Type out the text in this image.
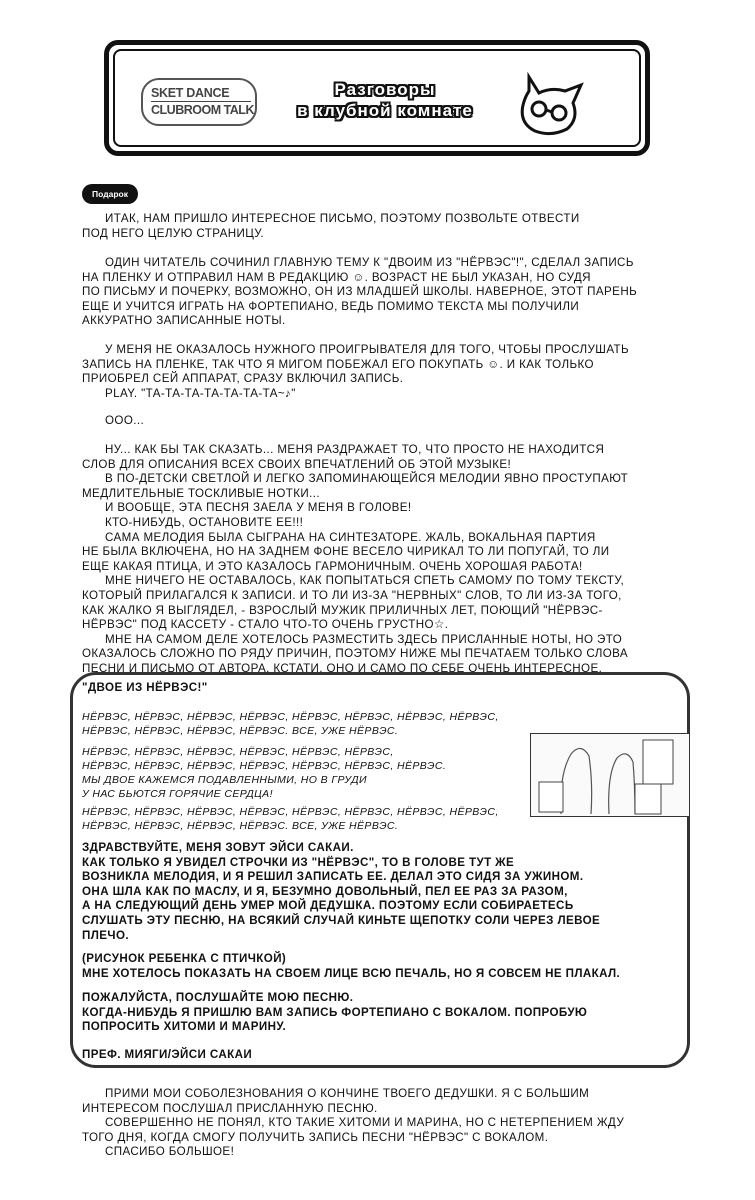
SKET DANCE
CLUBROOM TALK
Разговоры
в клубной комнате
Подарок
ИТАК, НАМ ПРИШЛО ИНТЕРЕСНОЕ ПИСЬМО, ПОЭТОМУ ПОЗВОЛЬТЕ ОТВЕСТИ
ПОД НЕГО ЦЕЛУЮ СТРАНИЦУ.
ОДИН ЧИТАТЕЛЬ СОЧИНИЛ ГЛАВНУЮ ТЕМУ К "ДВОИМ ИЗ "НЁРВЭС"!", СДЕЛАЛ ЗАПИСЬ
НА ПЛЕНКУ И ОТПРАВИЛ НАМ В РЕДАКЦИЮ ☺. ВОЗРАСТ НЕ БЫЛ УКАЗАН, НО СУДЯ
ПО ПИСЬМУ И ПОЧЕРКУ, ВОЗМОЖНО, ОН ИЗ МЛАДШЕЙ ШКОЛЫ. НАВЕРНОЕ, ЭТОТ ПАРЕНЬ
ЕЩЕ И УЧИТСЯ ИГРАТЬ НА ФОРТЕПИАНО, ВЕДЬ ПОМИМО ТЕКСТА МЫ ПОЛУЧИЛИ
АККУРАТНО ЗАПИСАННЫЕ НОТЫ.
У МЕНЯ НЕ ОКАЗАЛОСЬ НУЖНОГО ПРОИГРЫВАТЕЛЯ ДЛЯ ТОГО, ЧТОБЫ ПРОСЛУШАТЬ
ЗАПИСЬ НА ПЛЕНКЕ, ТАК ЧТО Я МИГОМ ПОБЕЖАЛ ЕГО ПОКУПАТЬ ☺. И КАК ТОЛЬКО
ПРИОБРЕЛ СЕЙ АППАРАТ, СРАЗУ ВКЛЮЧИЛ ЗАПИСЬ.
PLAY. "ТА-ТА-ТА-ТА-ТА-ТА-ТА~♪"
ООО...
НУ... КАК БЫ ТАК СКАЗАТЬ... МЕНЯ РАЗДРАЖАЕТ ТО, ЧТО ПРОСТО НЕ НАХОДИТСЯ
СЛОВ ДЛЯ ОПИСАНИЯ ВСЕХ СВОИХ ВПЕЧАТЛЕНИЙ ОБ ЭТОЙ МУЗЫКЕ!
В ПО-ДЕТСКИ СВЕТЛОЙ И ЛЕГКО ЗАПОМИНАЮЩЕЙСЯ МЕЛОДИИ ЯВНО ПРОСТУПАЮТ
МЕДЛИТЕЛЬНЫЕ ТОСКЛИВЫЕ НОТКИ...
И ВООБЩЕ, ЭТА ПЕСНЯ ЗАЕЛА У МЕНЯ В ГОЛОВЕ!
КТО-НИБУДЬ, ОСТАНОВИТЕ ЕЕ!!!
САМА МЕЛОДИЯ БЫЛА СЫГРАНА НА СИНТЕЗАТОРЕ. ЖАЛЬ, ВОКАЛЬНАЯ ПАРТИЯ
НЕ БЫЛА ВКЛЮЧЕНА, НО НА ЗАДНЕМ ФОНЕ ВЕСЕЛО ЧИРИКАЛ ТО ЛИ ПОПУГАЙ, ТО ЛИ
ЕЩЕ КАКАЯ ПТИЦА, И ЭТО КАЗАЛОСЬ ГАРМОНИЧНЫМ. ОЧЕНЬ ХОРОШАЯ РАБОТА!
МНЕ НИЧЕГО НЕ ОСТАВАЛОСЬ, КАК ПОПЫТАТЬСЯ СПЕТЬ САМОМУ ПО ТОМУ ТЕКСТУ,
КОТОРЫЙ ПРИЛАГАЛСЯ К ЗАПИСИ. И ТО ЛИ ИЗ-ЗА "НЕРВНЫХ" СЛОВ, ТО ЛИ ИЗ-ЗА ТОГО,
КАК ЖАЛКО Я ВЫГЛЯДЕЛ, - ВЗРОСЛЫЙ МУЖИК ПРИЛИЧНЫХ ЛЕТ, ПОЮЩИЙ "НЁРВЭС-
НЁРВЭС" ПОД КАССЕТУ - СТАЛО ЧТО-ТО ОЧЕНЬ ГРУСТНО☆.
МНЕ НА САМОМ ДЕЛЕ ХОТЕЛОСЬ РАЗМЕСТИТЬ ЗДЕСЬ ПРИСЛАННЫЕ НОТЫ, НО ЭТО
ОКАЗАЛОСЬ СЛОЖНО ПО РЯДУ ПРИЧИН, ПОЭТОМУ НИЖЕ МЫ ПЕЧАТАЕМ ТОЛЬКО СЛОВА
ПЕСНИ И ПИСЬМО ОТ АВТОРА. КСТАТИ, ОНО И САМО ПО СЕБЕ ОЧЕНЬ ИНТЕРЕСНОЕ.
"ДВОЕ ИЗ НЁРВЭС!"
НЁРВЭС, НЁРВЭС, НЁРВЭС, НЁРВЭС, НЁРВЭС, НЁРВЭС, НЁРВЭС, НЁРВЭС,
НЁРВЭС, НЁРВЭС, НЁРВЭС, НЁРВЭС. ВСЕ, УЖЕ НЁРВЭС.
НЁРВЭС, НЁРВЭС, НЁРВЭС, НЁРВЭС, НЁРВЭС, НЁРВЭС,
НЁРВЭС, НЁРВЭС, НЁРВЭС, НЁРВЭС, НЁРВЭС, НЁРВЭС, НЁРВЭС.
МЫ ДВОЕ КАЖЕМСЯ ПОДАВЛЕННЫМИ, НО В ГРУДИ
У НАС БЬЮТСЯ ГОРЯЧИЕ СЕРДЦА!
НЁРВЭС, НЁРВЭС, НЁРВЭС, НЁРВЭС, НЁРВЭС, НЁРВЭС, НЁРВЭС, НЁРВЭС,
НЁРВЭС, НЁРВЭС, НЁРВЭС, НЁРВЭС. ВСЕ, УЖЕ НЁРВЭС.
ЗДРАВСТВУЙТЕ, МЕНЯ ЗОВУТ ЭЙСИ САКАИ.
КАК ТОЛЬКО Я УВИДЕЛ СТРОЧКИ ИЗ "НЁРВЭС", ТО В ГОЛОВЕ ТУТ ЖЕ
ВОЗНИКЛА МЕЛОДИЯ, И Я РЕШИЛ ЗАПИСАТЬ ЕЕ. ДЕЛАЛ ЭТО СИДЯ ЗА УЖИНОМ.
ОНА ШЛА КАК ПО МАСЛУ, И Я, БЕЗУМНО ДОВОЛЬНЫЙ, ПЕЛ ЕЕ РАЗ ЗА РАЗОМ,
А НА СЛЕДУЮЩИЙ ДЕНЬ УМЕР МОЙ ДЕДУШКА. ПОЭТОМУ ЕСЛИ СОБИРАЕТЕСЬ
СЛУШАТЬ ЭТУ ПЕСНЮ, НА ВСЯКИЙ СЛУЧАЙ КИНЬТЕ ЩЕПОТКУ СОЛИ ЧЕРЕЗ ЛЕВОЕ
ПЛЕЧО.
(РИСУНОК РЕБЕНКА С ПТИЧКОЙ)
МНЕ ХОТЕЛОСЬ ПОКАЗАТЬ НА СВОЕМ ЛИЦЕ ВСЮ ПЕЧАЛЬ, НО Я СОВСЕМ НЕ ПЛАКАЛ.
ПОЖАЛУЙСТА, ПОСЛУШАЙТЕ МОЮ ПЕСНЮ.
КОГДА-НИБУДЬ Я ПРИШЛЮ ВАМ ЗАПИСЬ ФОРТЕПИАНО С ВОКАЛОМ. ПОПРОБУЮ
ПОПРОСИТЬ ХИТОМИ И МАРИНУ.
ПРЕФ. МИЯГИ/ЭЙСИ САКАИ
ПРИМИ МОИ СОБОЛЕЗНОВАНИЯ О КОНЧИНЕ ТВОЕГО ДЕДУШКИ. Я С БОЛЬШИМ
ИНТЕРЕСОМ ПОСЛУШАЛ ПРИСЛАННУЮ ПЕСНЮ.
СОВЕРШЕННО НЕ ПОНЯЛ, КТО ТАКИЕ ХИТОМИ И МАРИНА, НО С НЕТЕРПЕНИЕМ ЖДУ
ТОГО ДНЯ, КОГДА СМОГУ ПОЛУЧИТЬ ЗАПИСЬ ПЕСНИ "НЁРВЭС" С ВОКАЛОМ.
СПАСИБО БОЛЬШОЕ!
